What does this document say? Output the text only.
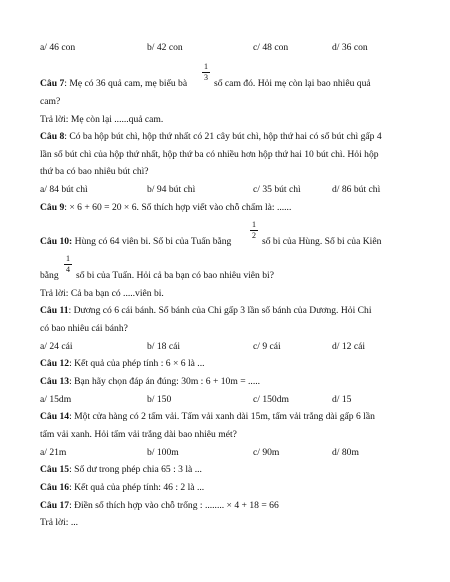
a/ 46 con	b/ 42 con	c/ 48 con	d/ 36 con
Câu 7: Mẹ có 36 quả cam, mẹ biếu bà
1
3
số cam đó. Hỏi mẹ còn lại bao nhiêu quả
cam?
Trả lời: Mẹ còn lại ......quả cam.
Câu 8: Có ba hộp bút chì, hộp thứ nhất có 21 cây bút chì, hộp thứ hai có số bút chì gấp 4
lần số bút chì của hộp thứ nhất, hộp thứ ba có nhiều hơn hộp thứ hai 10 bút chì. Hỏi hộp
thứ ba có bao nhiêu bút chì?
a/ 84 bút chì	b/ 94 bút chì	c/ 35 bút chì	d/ 86 bút chì
Câu 9: × 6 + 60 = 20 × 6. Số thích hợp viết vào chỗ chấm là: ......
Câu 10: Hùng có 64 viên bi. Số bi của Tuấn bằng
1
2
số bi của Hùng. Số bi của Kiên
bằng
1
4
số bi của Tuấn. Hỏi cả ba bạn có bao nhiêu viên bi?
Trả lời: Cả ba bạn có .....viên bi.
Câu 11: Dương có 6 cái bánh. Số bánh của Chi gấp 3 lần số bánh của Dương. Hỏi Chi
có bao nhiêu cái bánh?
a/ 24 cái	b/ 18 cái	c/ 9 cái	d/ 12 cái
Câu 12: Kết quả của phép tính : 6 × 6 là ...
Câu 13: Bạn hãy chọn đáp án đúng: 30m : 6 + 10m = .....
a/ 15dm	b/ 150	c/ 150dm	d/ 15
Câu 14: Một cửa hàng có 2 tấm vải. Tấm vải xanh dài 15m, tấm vải trắng dài gấp 6 lần
tấm vải xanh. Hỏi tấm vải trắng dài bao nhiêu mét?
a/ 21m	b/ 100m	c/ 90m	d/ 80m
Câu 15: Số dư trong phép chia 65 : 3 là ...
Câu 16: Kết quả của phép tính: 46 : 2 là ...
Câu 17: Điền số thích hợp vào chỗ trống : ........ × 4 + 18 = 66
Trả lời: ...
